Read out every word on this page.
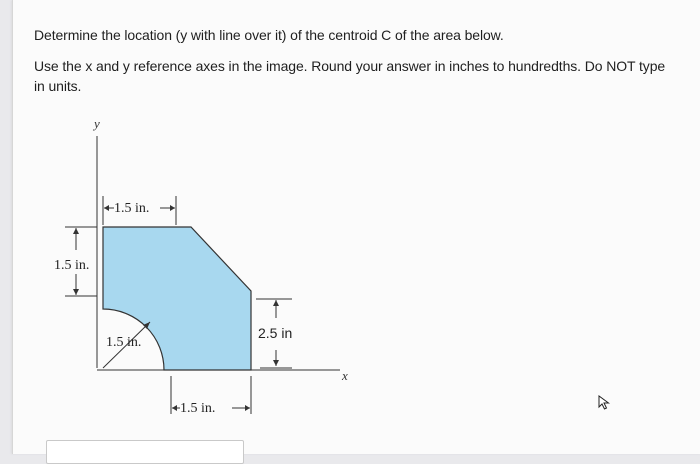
Determine the location (y with line over it) of the centroid C of the area below.
Use the x and y reference axes in the image. Round your answer in inches to hundredths. Do NOT type in units.
y
x
1.5 in.
1.5 in.
1.5 in.
2.5 in
1.5 in.
